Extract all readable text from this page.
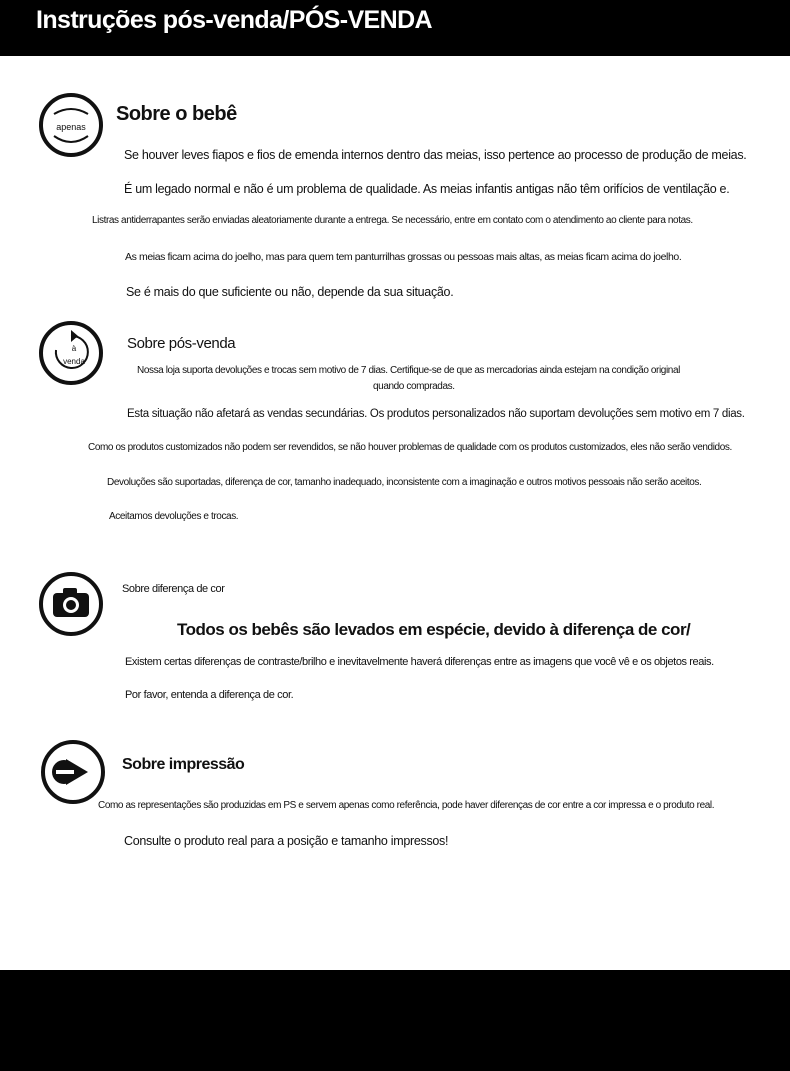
Instruções pós-venda/PÓS-VENDA
apenas
Sobre o bebê
Se houver leves fiapos e fios de emenda internos dentro das meias, isso pertence ao processo de produção de meias.
É um legado normal e não é um problema de qualidade. As meias infantis antigas não têm orifícios de ventilação e.
Listras antiderrapantes serão enviadas aleatoriamente durante a entrega. Se necessário, entre em contato com o atendimento ao cliente para notas.
As meias ficam acima do joelho, mas para quem tem panturrilhas grossas ou pessoas mais altas, as meias ficam acima do joelho.
Se é mais do que suficiente ou não, depende da sua situação.
à
venda
Sobre pós-venda
Nossa loja suporta devoluções e trocas sem motivo de 7 dias. Certifique-se de que as mercadorias ainda estejam na condição original
quando compradas.
Esta situação não afetará as vendas secundárias. Os produtos personalizados não suportam devoluções sem motivo em 7 dias.
Como os produtos customizados não podem ser revendidos, se não houver problemas de qualidade com os produtos customizados, eles não serão vendidos.
Devoluções são suportadas, diferença de cor, tamanho inadequado, inconsistente com a imaginação e outros motivos pessoais não serão aceitos.
Aceitamos devoluções e trocas.
Sobre diferença de cor
Todos os bebês são levados em espécie, devido à diferença de cor/
Existem certas diferenças de contraste/brilho e inevitavelmente haverá diferenças entre as imagens que você vê e os objetos reais.
Por favor, entenda a diferença de cor.
Sobre impressão
Como as representações são produzidas em PS e servem apenas como referência, pode haver diferenças de cor entre a cor impressa e o produto real.
Consulte o produto real para a posição e tamanho impressos!
